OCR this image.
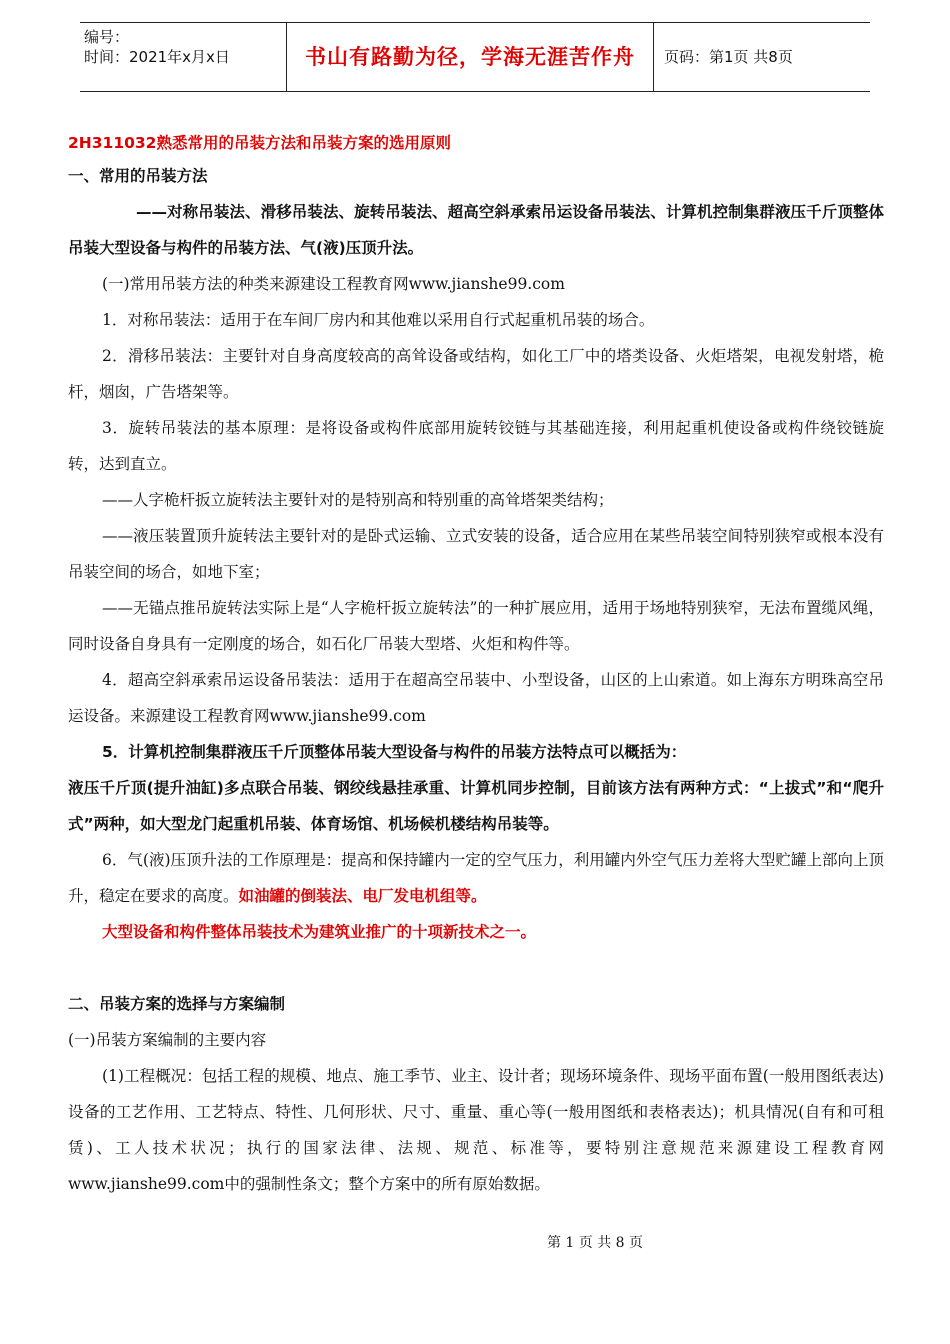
编号：
时间：2021年x月x日	书山有路勤为径，学海无涯苦作舟	页码：第1页 共8页

2H311032熟悉常用的吊装方法和吊装方案的选用原则

一、常用的吊装方法

——对称吊装法、滑移吊装法、旋转吊装法、超高空斜承索吊运设备吊装法、计算机控制集群液压千斤顶整体吊装大型设备与构件的吊装方法、气(液)压顶升法。

(一)常用吊装方法的种类来源建设工程教育网www.jianshe99.com

1．对称吊装法：适用于在车间厂房内和其他难以采用自行式起重机吊装的场合。

2．滑移吊装法：主要针对自身高度较高的高耸设备或结构，如化工厂中的塔类设备、火炬塔架，电视发射塔，桅杆，烟囱，广告塔架等。

3．旋转吊装法的基本原理：是将设备或构件底部用旋转铰链与其基础连接，利用起重机使设备或构件绕铰链旋转，达到直立。

——人字桅杆扳立旋转法主要针对的是特别高和特别重的高耸塔架类结构；

——液压装置顶升旋转法主要针对的是卧式运输、立式安装的设备，适合应用在某些吊装空间特别狭窄或根本没有吊装空间的场合，如地下室；

——无锚点推吊旋转法实际上是“人字桅杆扳立旋转法”的一种扩展应用，适用于场地特别狭窄，无法布置缆风绳，同时设备自身具有一定刚度的场合，如石化厂吊装大型塔、火炬和构件等。

4．超高空斜承索吊运设备吊装法：适用于在超高空吊装中、小型设备，山区的上山索道。如上海东方明珠高空吊运设备。来源建设工程教育网www.jianshe99.com

5．计算机控制集群液压千斤顶整体吊装大型设备与构件的吊装方法特点可以概括为：

液压千斤顶(提升油缸)多点联合吊装、钢绞线悬挂承重、计算机同步控制，目前该方法有两种方式：“上拔式”和“爬升式”两种，如大型龙门起重机吊装、体育场馆、机场候机楼结构吊装等。

6．气(液)压顶升法的工作原理是：提高和保持罐内一定的空气压力，利用罐内外空气压力差将大型贮罐上部向上顶升，稳定在要求的高度。如油罐的倒装法、电厂发电机组等。

大型设备和构件整体吊装技术为建筑业推广的十项新技术之一。

二、吊装方案的选择与方案编制

(一)吊装方案编制的主要内容

(1)工程概况：包括工程的规模、地点、施工季节、业主、设计者；现场环境条件、现场平面布置(一般用图纸表达)设备的工艺作用、工艺特点、特性、几何形状、尺寸、重量、重心等(一般用图纸和表格表达)；机具情况(自有和可租赁)、工人技术状况；执行的国家法律、法规、规范、标准等，要特别注意规范来源建设工程教育网www.jianshe99.com中的强制性条文；整个方案中的所有原始数据。

第 1 页 共 8 页
